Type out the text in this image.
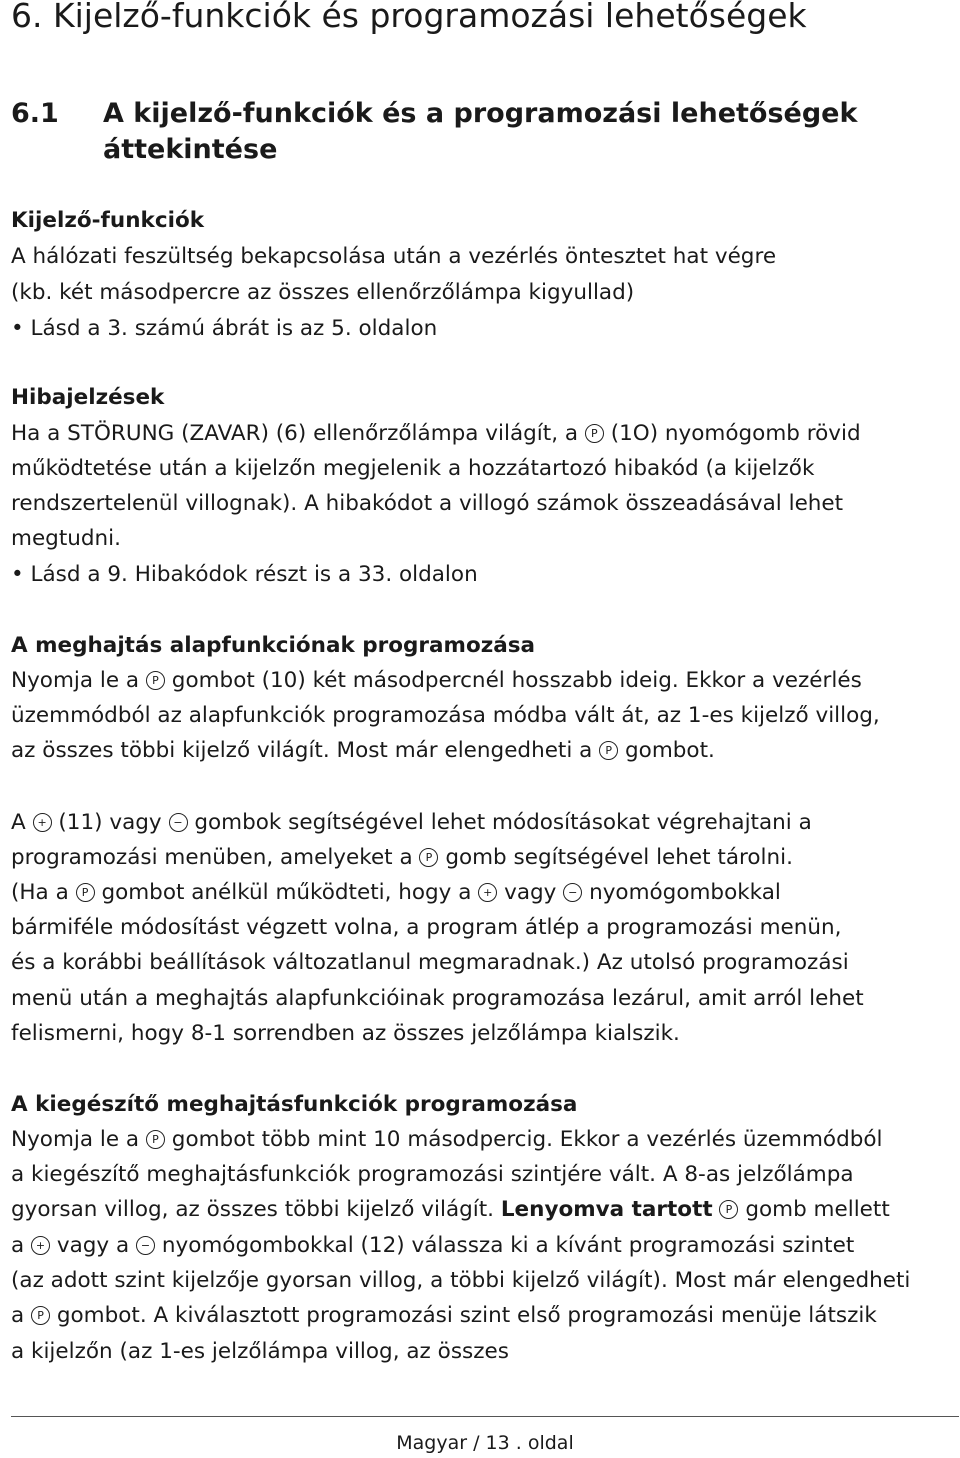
6. Kijelző-funkciók és programozási lehetőségek
6.1	A kijelző-funkciók és a programozási lehetőségek áttekintése
Kijelző-funkciók
A hálózati feszültség bekapcsolása után a vezérlés öntesztet hat végre
(kb. két másodpercre az összes ellenőrzőlámpa kigyullad)
• Lásd a 3. számú ábrát is az 5. oldalon
Hibajelzések
Ha a STÖRUNG (ZAVAR) (6) ellenőrzőlámpa világít, a P (1O) nyomógomb rövid
működtetése után a kijelzőn megjelenik a hozzátartozó hibakód (a kijelzők
rendszertelenül villognak). A hibakódot a villogó számok összeadásával lehet
megtudni.
• Lásd a 9. Hibakódok részt is a 33. oldalon
A meghajtás alapfunkciónak programozása
Nyomja le a P gombot (10) két másodpercnél hosszabb ideig. Ekkor a vezérlés
üzemmódból az alapfunkciók programozása módba vált át, az 1-es kijelző villog,
az összes többi kijelző világít. Most már elengedheti a P gombot.
A + (11) vagy − gombok segítségével lehet módosításokat végrehajtani a
programozási menüben, amelyeket a P gomb segítségével lehet tárolni.
(Ha a P gombot anélkül működteti, hogy a + vagy − nyomógombokkal
bármiféle módosítást végzett volna, a program átlép a programozási menün,
és a korábbi beállítások változatlanul megmaradnak.) Az utolsó programozási
menü után a meghajtás alapfunkcióinak programozása lezárul, amit arról lehet
felismerni, hogy 8-1 sorrendben az összes jelzőlámpa kialszik.
A kiegészítő meghajtásfunkciók programozása
Nyomja le a P gombot több mint 10 másodpercig. Ekkor a vezérlés üzemmódból
a kiegészítő meghajtásfunkciók programozási szintjére vált. A 8-as jelzőlámpa
gyorsan villog, az összes többi kijelző világít. Lenyomva tartott P gomb mellett
a + vagy a − nyomógombokkal (12) válassza ki a kívánt programozási szintet
(az adott szint kijelzője gyorsan villog, a többi kijelző világít). Most már elengedheti
a P gombot. A kiválasztott programozási szint első programozási menüje látszik
a kijelzőn (az 1-es jelzőlámpa villog, az összes
Magyar / 13 . oldal
